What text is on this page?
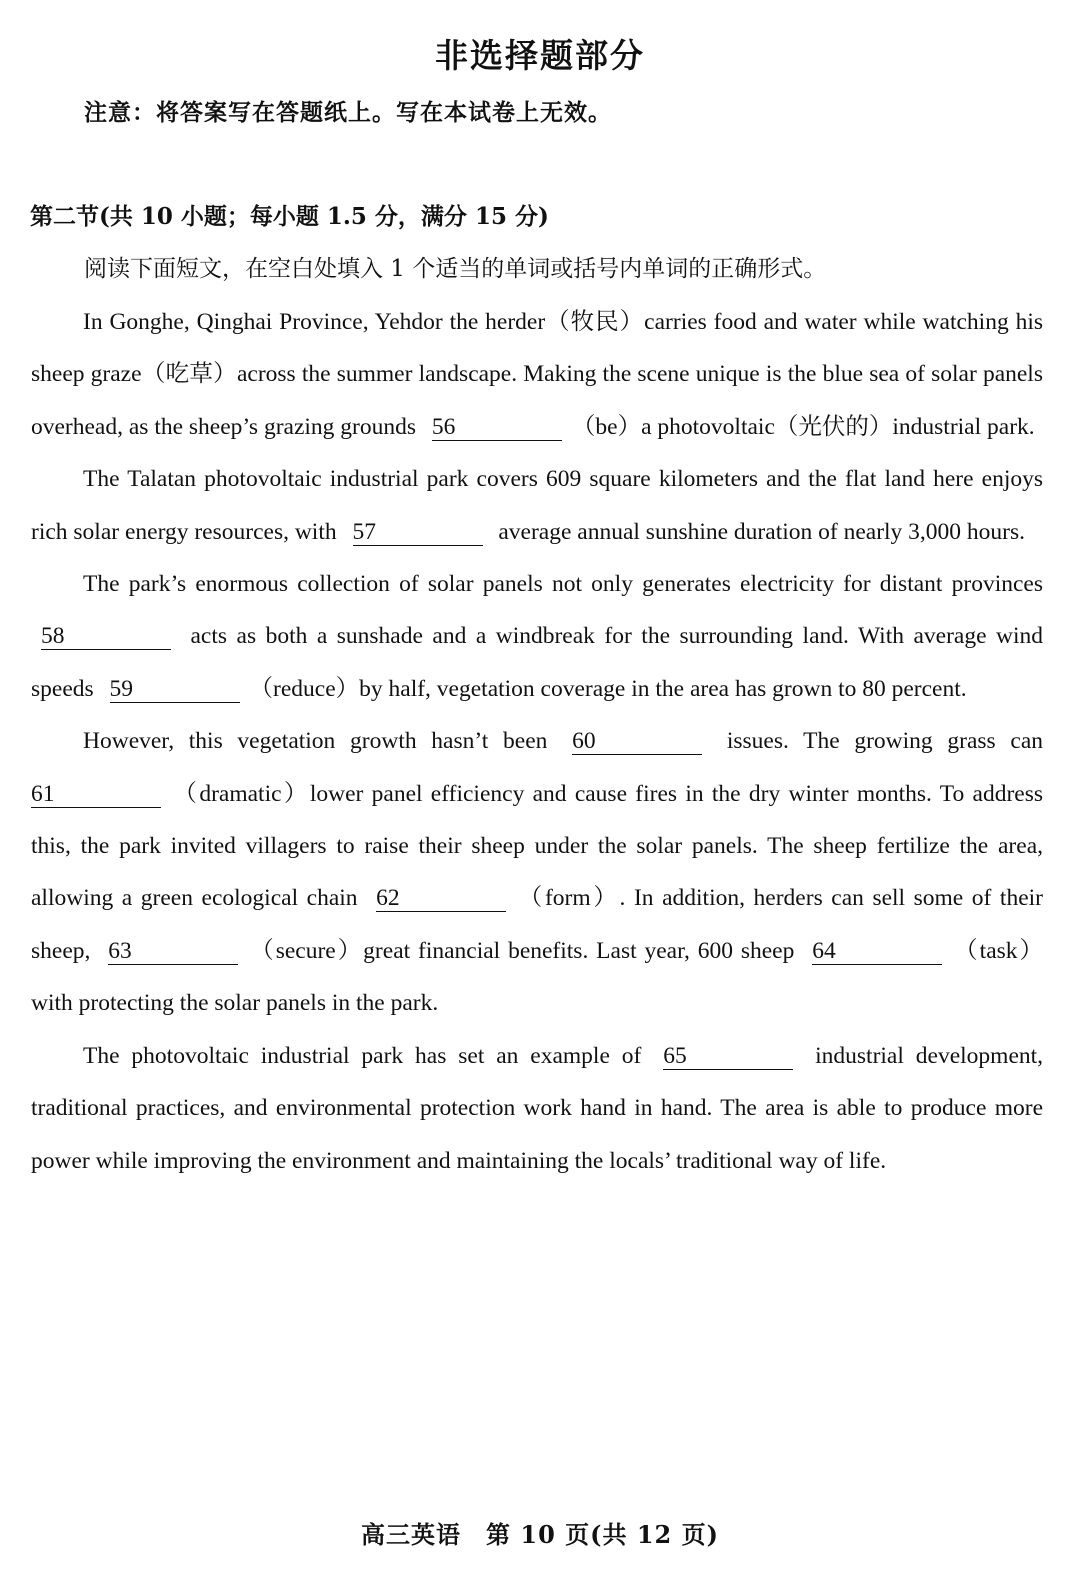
非选择题部分
注意：将答案写在答题纸上。写在本试卷上无效。
第二节(共 10 小题；每小题 1.5 分，满分 15 分)
阅读下面短文，在空白处填入 1 个适当的单词或括号内单词的正确形式。

In Gonghe, Qinghai Province, Yehdor the herder（牧民）carries food and water while watching his sheep graze（吃草）across the summer landscape. Making the scene unique is the blue sea of solar panels overhead, as the sheep’s grazing grounds 56	（be）a photovoltaic（光伏的）industrial park.

The Talatan photovoltaic industrial park covers 609 square kilometers and the flat land here enjoys rich solar energy resources, with 57	average annual sunshine duration of nearly 3,000 hours.

The park’s enormous collection of solar panels not only generates electricity for distant provinces 58	acts as both a sunshade and a windbreak for the surrounding land. With average wind speeds 59	（reduce）by half, vegetation coverage in the area has grown to 80 percent.

However, this vegetation growth hasn’t been 60	issues. The growing grass can 61	（dramatic）lower panel efficiency and cause fires in the dry winter months. To address this, the park invited villagers to raise their sheep under the solar panels. The sheep fertilize the area, allowing a green ecological chain 62	（form）. In addition, herders can sell some of their sheep, 63	（secure）great financial benefits. Last year, 600 sheep 64	（task）with protecting the solar panels in the park.

The photovoltaic industrial park has set an example of 65	industrial development, traditional practices, and environmental protection work hand in hand. The area is able to produce more power while improving the environment and maintaining the locals’ traditional way of life.

高三英语　第 10 页(共 12 页)
